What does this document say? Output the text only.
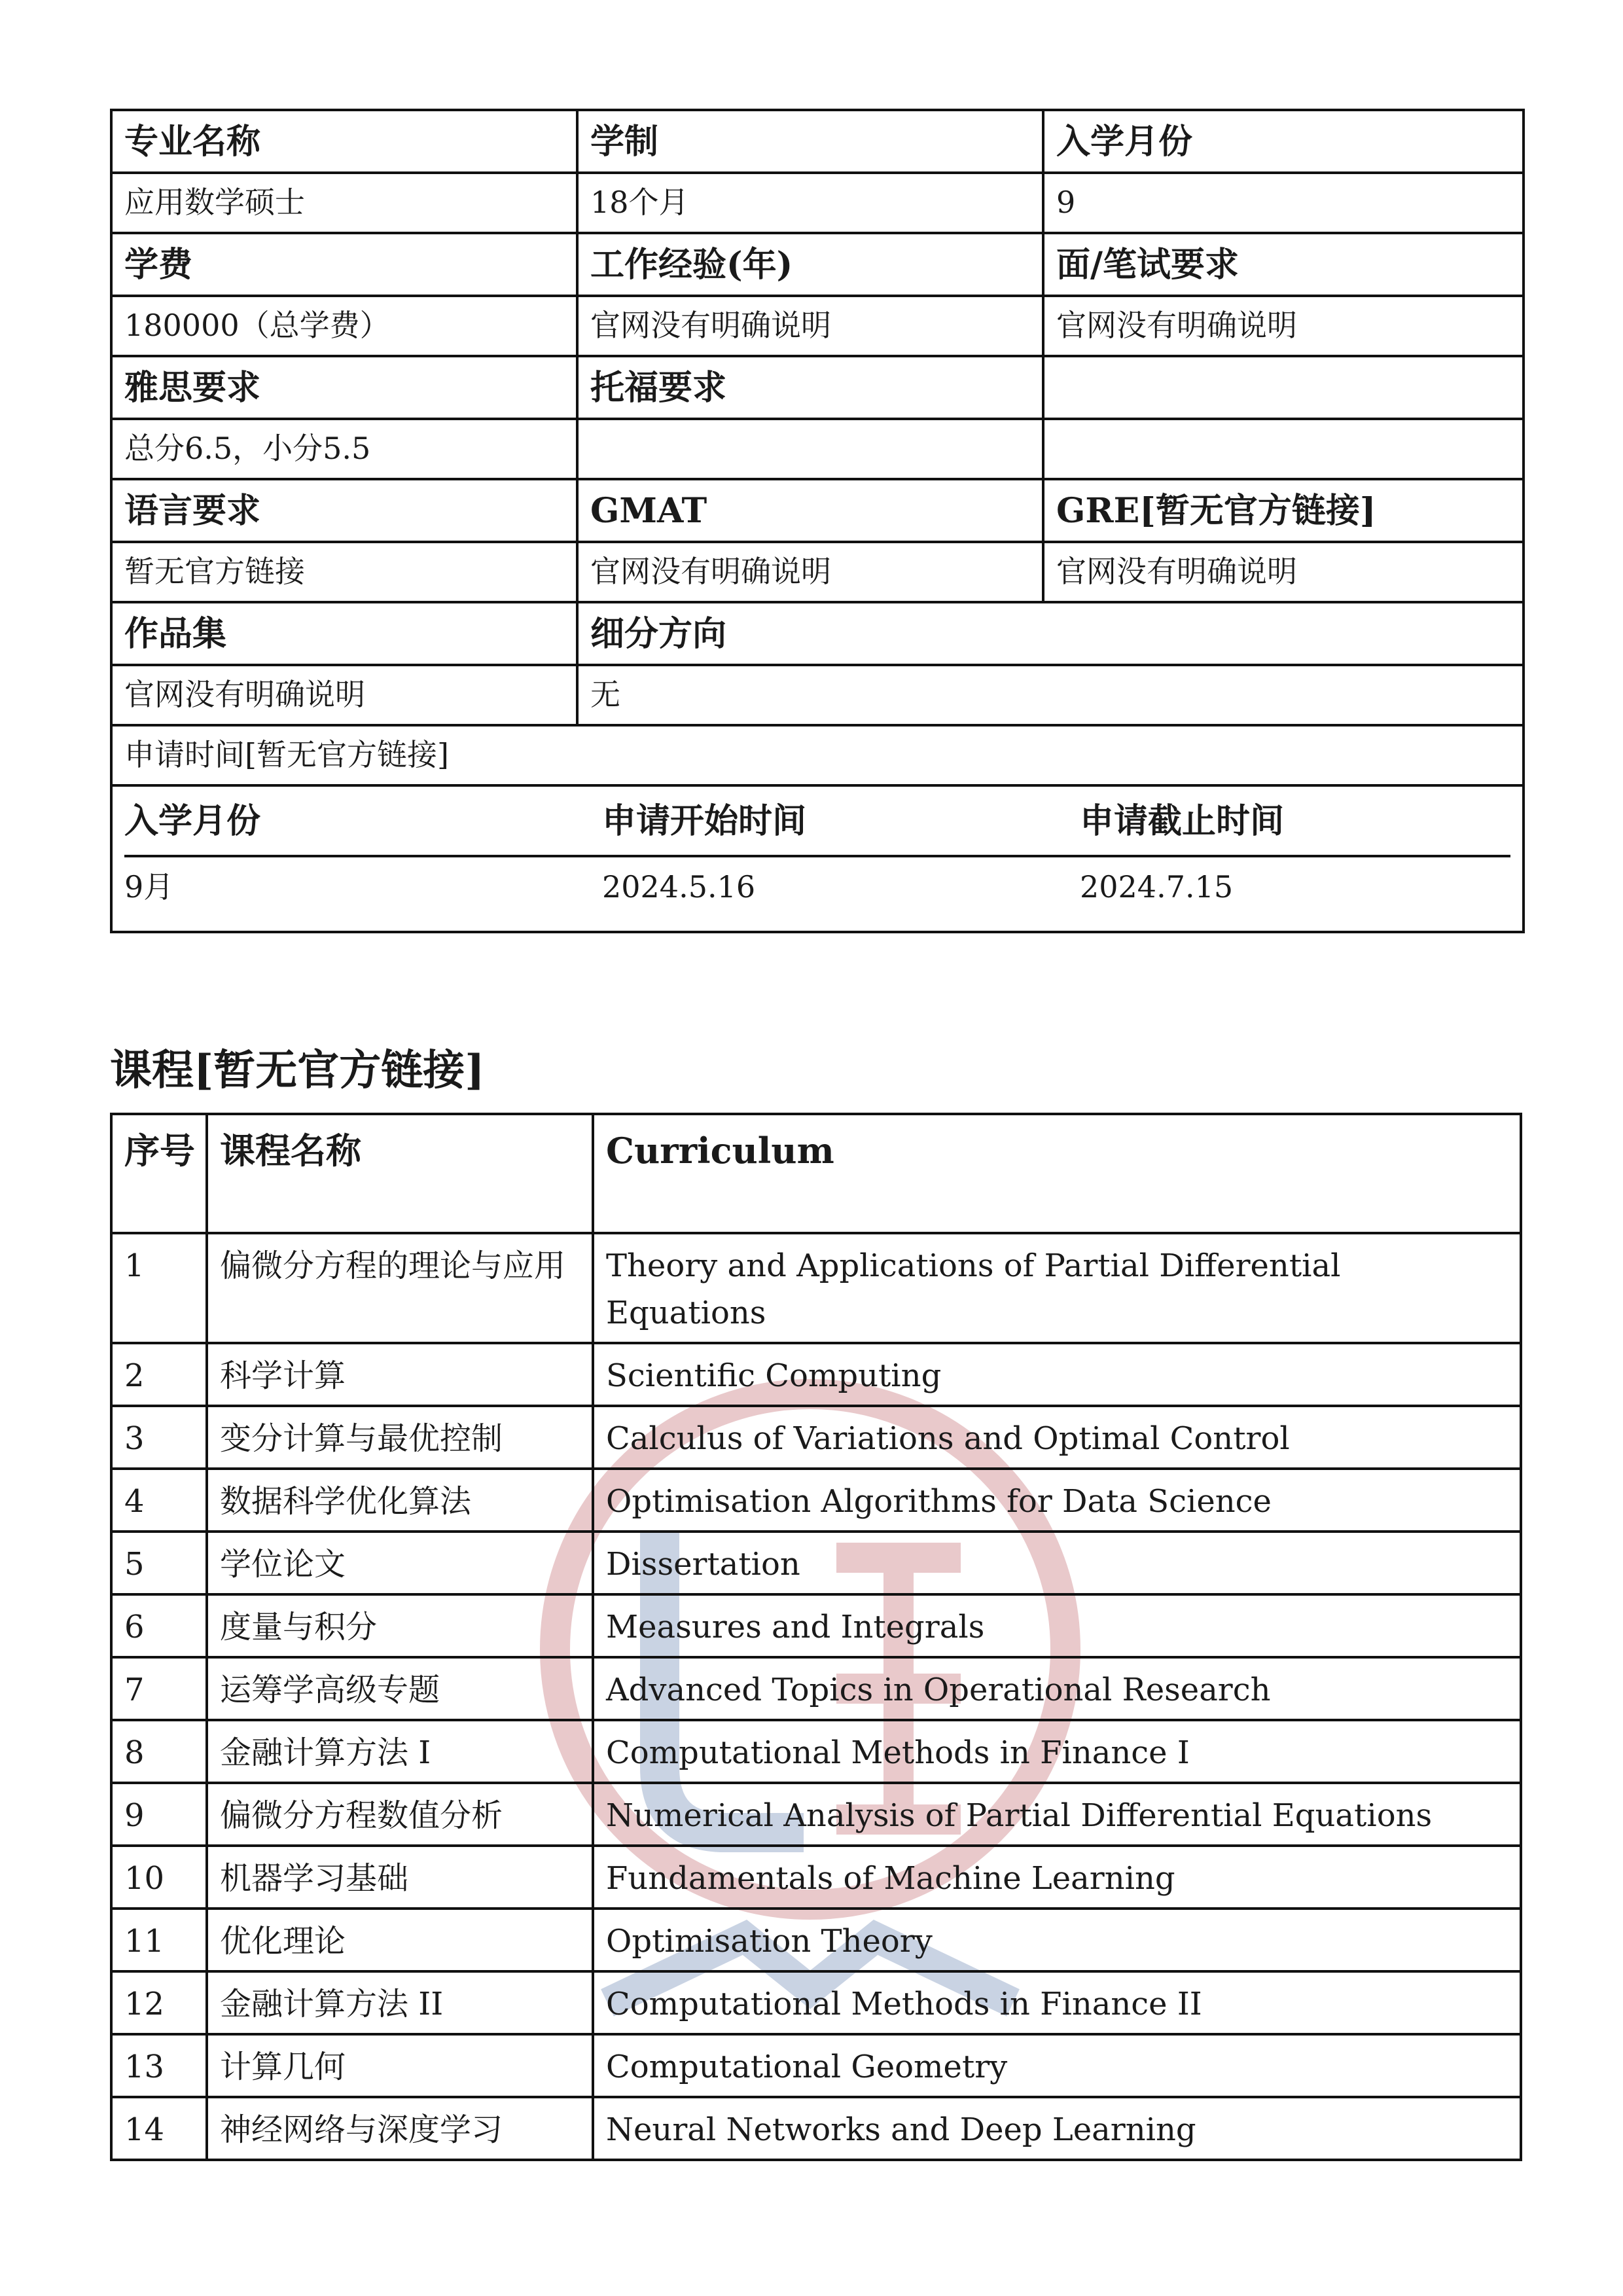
专业名称	学制	入学月份
应用数学硕士	18个月	9
学费	工作经验(年)	面/笔试要求
180000（总学费）	官网没有明确说明	官网没有明确说明
雅思要求	托福要求	
总分6.5，小分5.5		
语言要求	GMAT	GRE[暂无官方链接]
暂无官方链接	官网没有明确说明	官网没有明确说明
作品集	细分方向
官网没有明确说明	无
申请时间[暂无官方链接]

入学月份	申请开始时间	申请截止时间
9月	2024.5.16	2024.7.15
课程[暂无官方链接]
序号	课程名称	Curriculum
1	偏微分方程的理论与应用	Theory and Applications of Partial Differential Equations
2	科学计算	Scientific Computing
3	变分计算与最优控制	Calculus of Variations and Optimal Control
4	数据科学优化算法	Optimisation Algorithms for Data Science
5	学位论文	Dissertation
6	度量与积分	Measures and Integrals
7	运筹学高级专题	Advanced Topics in Operational Research
8	金融计算方法 I	Computational Methods in Finance I
9	偏微分方程数值分析	Numerical Analysis of Partial Differential Equations
10	机器学习基础	Fundamentals of Machine Learning
11	优化理论	Optimisation Theory
12	金融计算方法 II	Computational Methods in Finance II
13	计算几何	Computational Geometry
14	神经网络与深度学习	Neural Networks and Deep Learning
